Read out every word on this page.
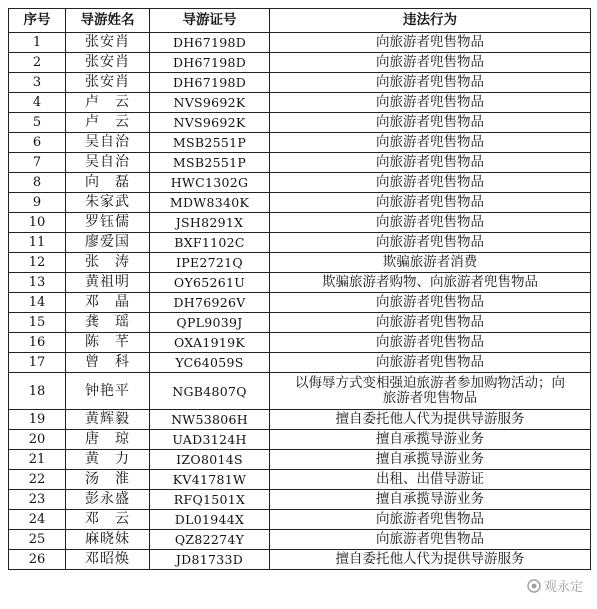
序号	导游姓名	导游证号	违法行为
1	张安肖	DH67198D	向旅游者兜售物品
2	张安肖	DH67198D	向旅游者兜售物品
3	张安肖	DH67198D	向旅游者兜售物品
4	卢　云	NVS9692K	向旅游者兜售物品
5	卢　云	NVS9692K	向旅游者兜售物品
6	吴自治	MSB2551P	向旅游者兜售物品
7	吴自治	MSB2551P	向旅游者兜售物品
8	向　磊	HWC1302G	向旅游者兜售物品
9	朱家武	MDW8340K	向旅游者兜售物品
10	罗钰儒	JSH8291X	向旅游者兜售物品
11	廖爱国	BXF1102C	向旅游者兜售物品
12	张　涛	IPE2721Q	欺骗旅游者消费
13	黄祖明	OY65261U	欺骗旅游者购物、向旅游者兜售物品
14	邓　晶	DH76926V	向旅游者兜售物品
15	龚　瑶	QPL9039J	向旅游者兜售物品
16	陈　芊	OXA1919K	向旅游者兜售物品
17	曾　科	YC64059S	向旅游者兜售物品
18	钟艳平	NGB4807Q	以侮辱方式变相强迫旅游者参加购物活动；向
旅游者兜售物品
19	黄辉毅	NW53806H	擅自委托他人代为提供导游服务
20	唐　琼	UAD3124H	擅自承揽导游业务
21	黄　力	IZO8014S	擅自承揽导游业务
22	汤　淮	KV41781W	出租、出借导游证
23	彭永盛	RFQ1501X	擅自承揽导游业务
24	邓　云	DL01944X	向旅游者兜售物品
25	麻晓妹	QZ82274Y	向旅游者兜售物品
26	邓昭焕	JD81733D	擅自委托他人代为提供导游服务
观永定
